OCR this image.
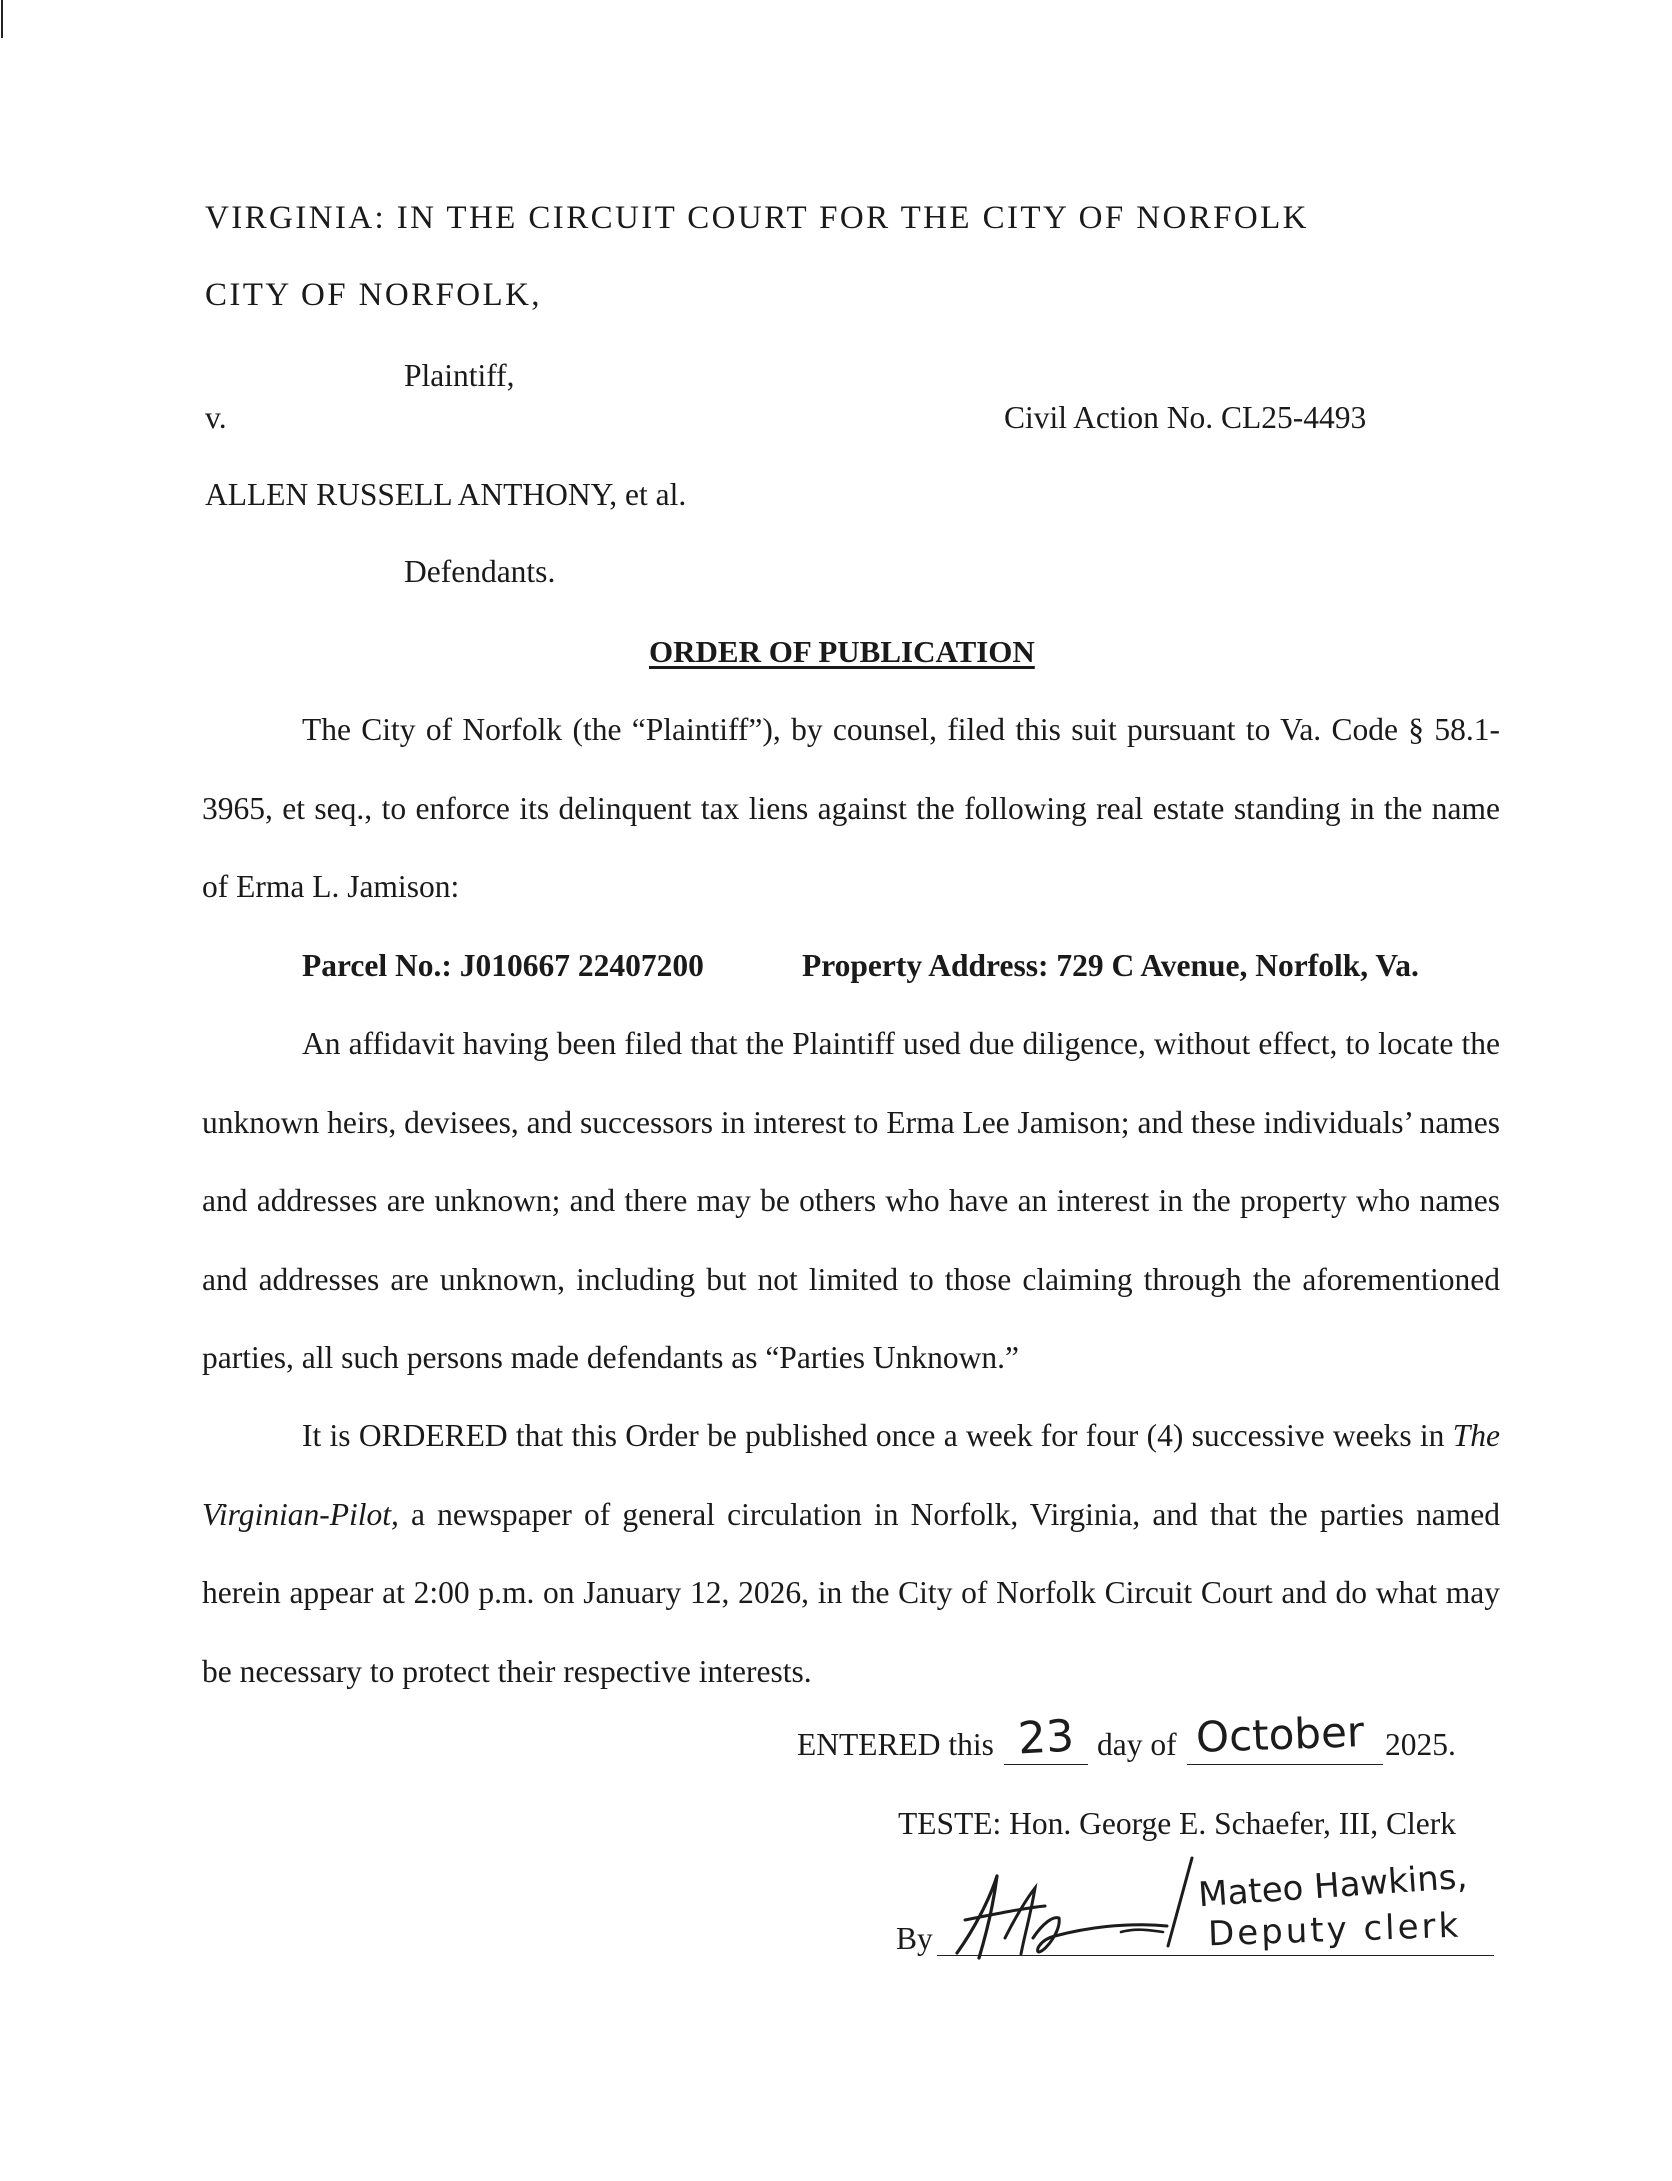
VIRGINIA: IN THE CIRCUIT COURT FOR THE CITY OF NORFOLK
CITY OF NORFOLK,
Plaintiff,
v.	Civil Action No. CL25-4493
ALLEN RUSSELL ANTHONY, et al.
Defendants.
ORDER OF PUBLICATION
The City of Norfolk (the “Plaintiff”), by counsel, filed this suit pursuant to Va. Code § 58.1-3965, et seq., to enforce its delinquent tax liens against the following real estate standing in the name of Erma L. Jamison:
Parcel No.: J010667 22407200	Property Address: 729 C Avenue, Norfolk, Va.
An affidavit having been filed that the Plaintiff used due diligence, without effect, to locate the unknown heirs, devisees, and successors in interest to Erma Lee Jamison; and these individuals’ names and addresses are unknown; and there may be others who have an interest in the property who names and addresses are unknown, including but not limited to those claiming through the aforementioned parties, all such persons made defendants as “Parties Unknown.”
It is ORDERED that this Order be published once a week for four (4) successive weeks in The Virginian-Pilot, a newspaper of general circulation in Norfolk, Virginia, and that the parties named herein appear at 2:00 p.m. on January 12, 2026, in the City of Norfolk Circuit Court and do what may be necessary to protect their respective interests.
ENTERED this 23 day of October 2025.
TESTE: Hon. George E. Schaefer, III, Clerk
By
Mateo Hawkins,
Deputy clerk
